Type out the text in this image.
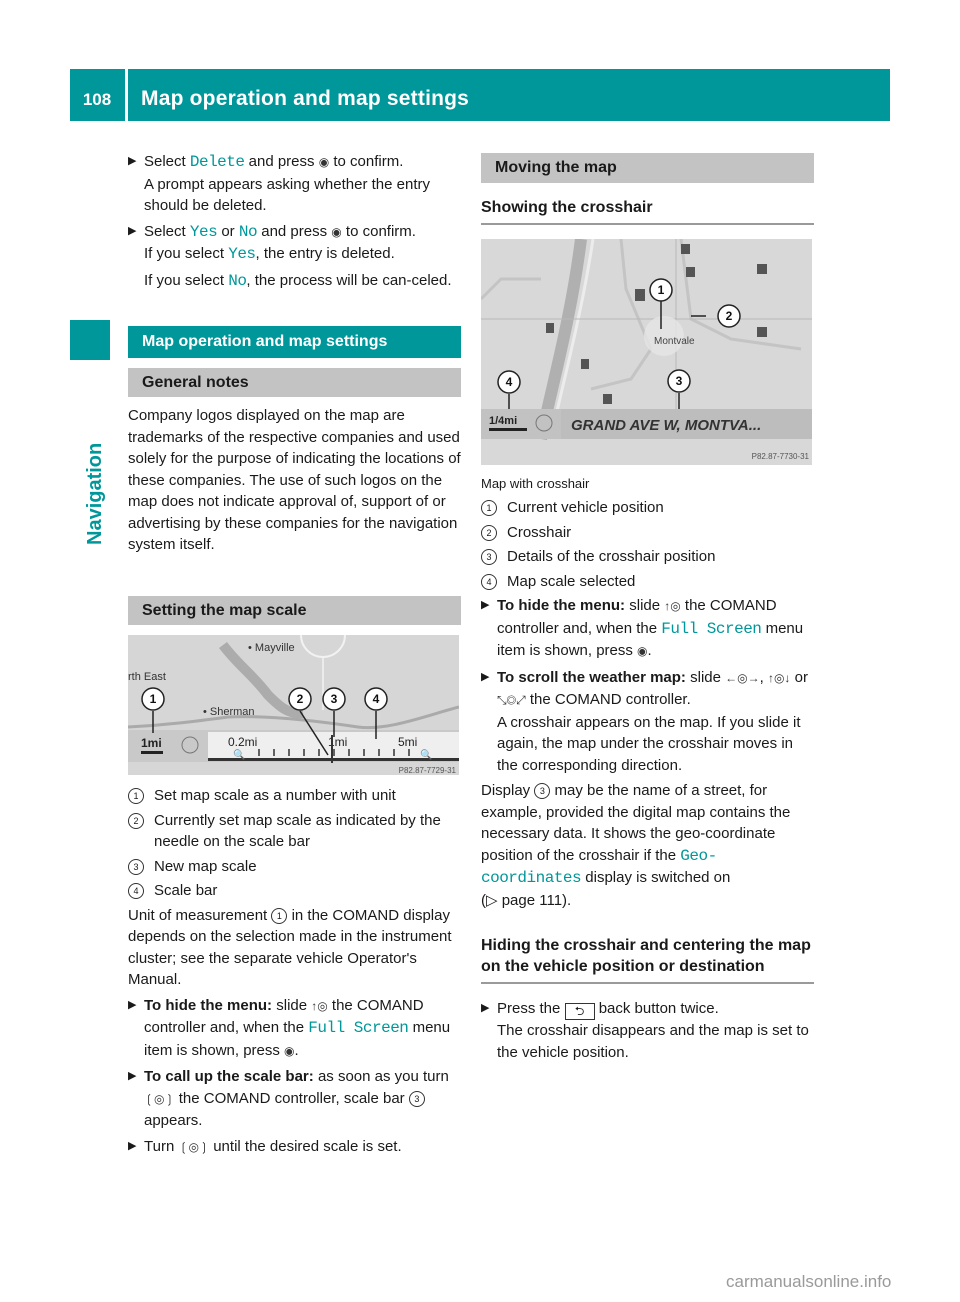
108	Map operation and map settings
Navigation
▶ Select Delete and press ◉ to confirm.
A prompt appears asking whether the entry should be deleted.
▶ Select Yes or No and press ◉ to confirm.
If you select Yes, the entry is deleted.
If you select No, the process will be can-celed.
Map operation and map settings
General notes
Company logos displayed on the map are trademarks of the respective companies and used solely for the purpose of indicating the locations of these companies. The use of such logos on the map does not indicate approval of, support of or advertising by these companies for the navigation system itself.
Setting the map scale
• Mayville
rth East
• Sherman
1mi	0.2mi	1mi	5mi
🔍	🔍
1	2 3	4
P82.87-7729-31
1	Set map scale as a number with unit
2	Currently set map scale as indicated by the needle on the scale bar
3	New map scale
4	Scale bar
Unit of measurement 1 in the COMAND display depends on the selection made in the instrument cluster; see the separate vehicle Operator's Manual.
▶ To hide the menu: slide ↑◎ the COMAND controller and, when the Full Screen menu item is shown, press ◉.
▶ To call up the scale bar: as soon as you turn ❲◎❳ the COMAND controller, scale bar 3 appears.
▶ Turn ❲◎❳ until the desired scale is set.
Moving the map
Showing the crosshair
Montvale
1
2
3
4
1/4mi	GRAND AVE W, MONTVA...
P82.87-7730-31
Map with crosshair
1	Current vehicle position
2	Crosshair
3	Details of the crosshair position
4	Map scale selected
▶ To hide the menu: slide ↑◎ the COMAND controller and, when the Full Screen menu item is shown, press ◉.
▶ To scroll the weather map: slide ←◎→, ↑◎↓ or ⤡◎⤢ the COMAND controller.
A crosshair appears on the map. If you slide it again, the map under the crosshair moves in the corresponding direction.
Display 3 may be the name of a street, for example, provided the digital map contains the necessary data. It shows the geo-coordinate position of the crosshair if the Geo-coordinates display is switched on
(▷ page 111).
Hiding the crosshair and centering the map on the vehicle position or destination
▶ Press the ⮌ back button twice.
The crosshair disappears and the map is set to the vehicle position.
carmanualsonline.info
